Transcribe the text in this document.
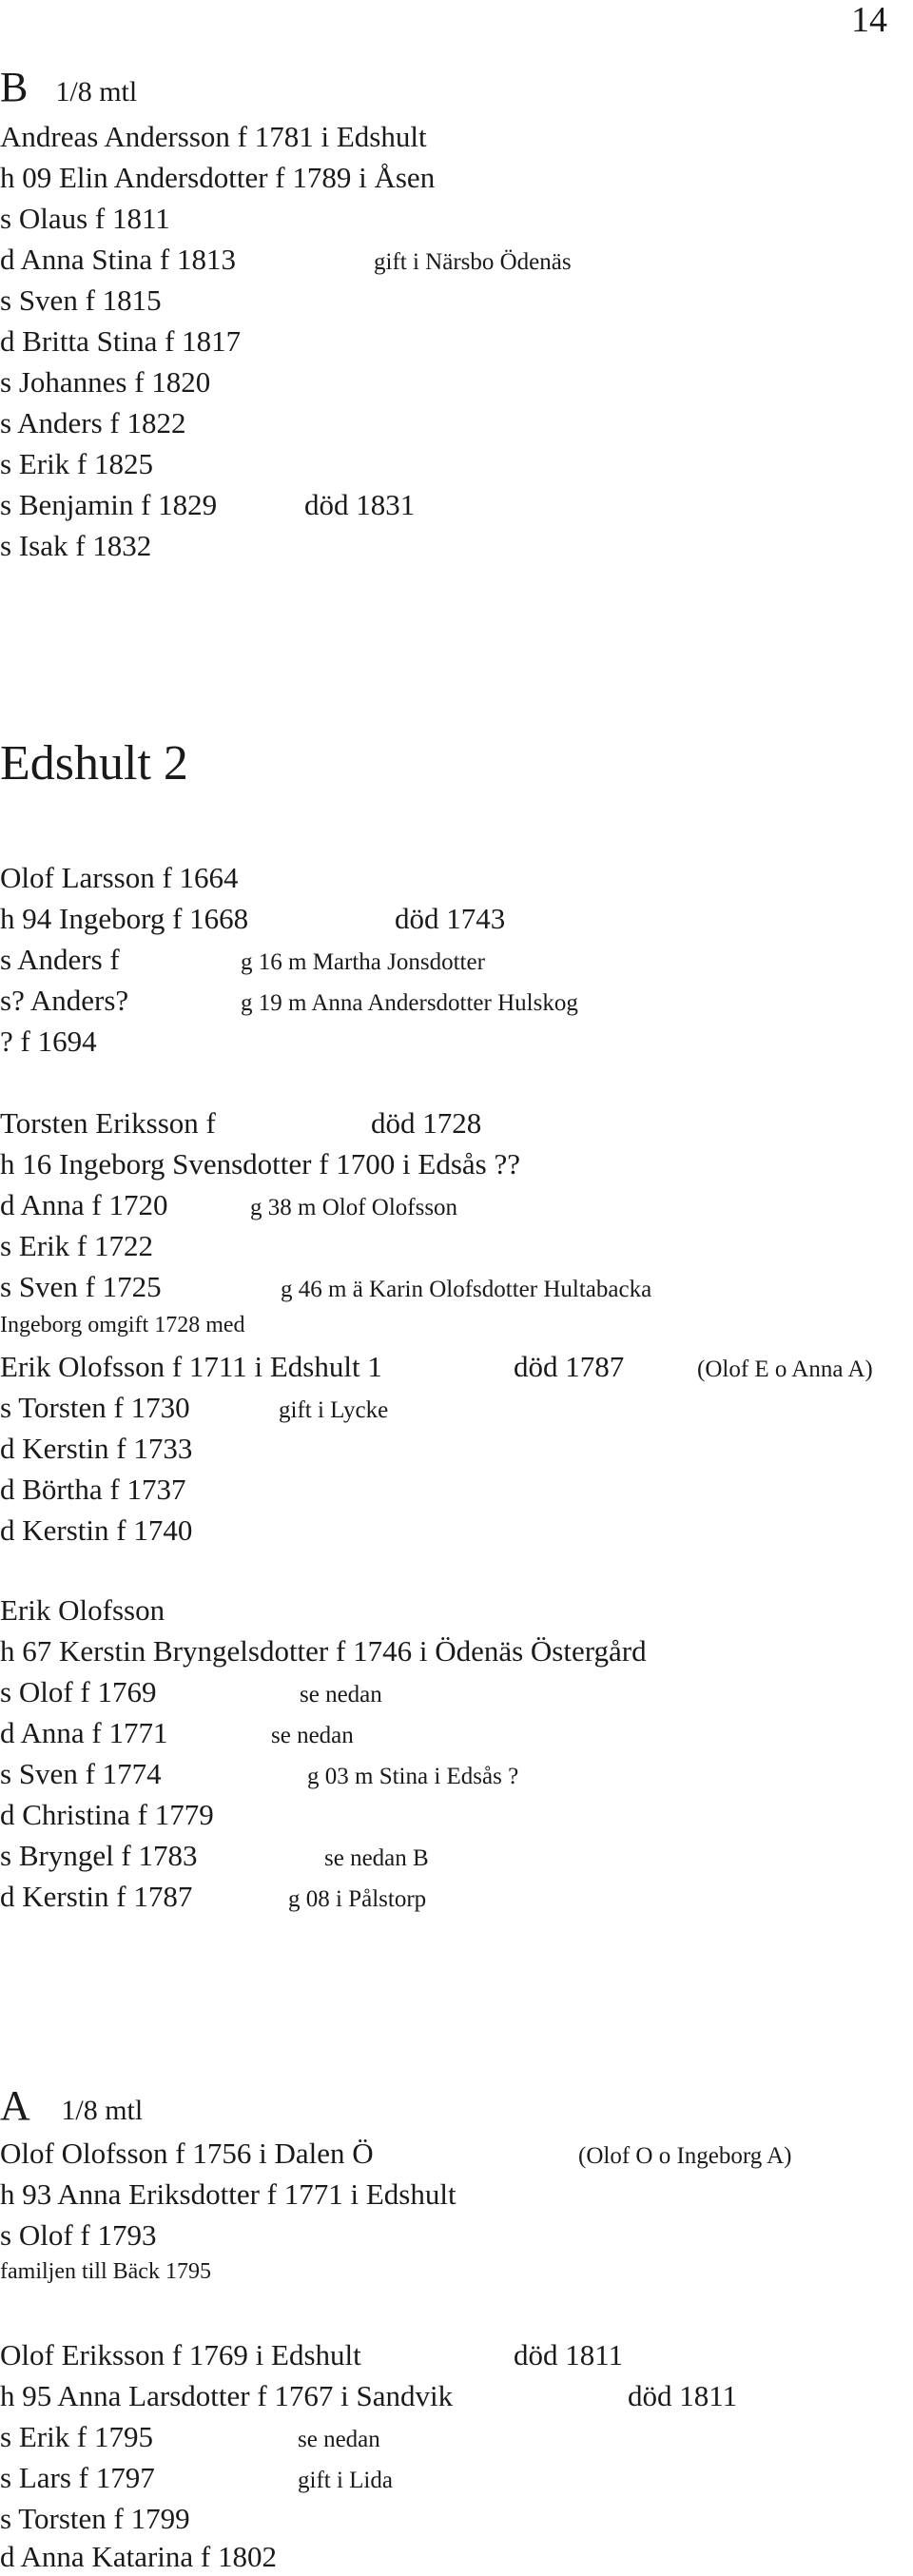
14
B 1/8 mtl
Andreas Andersson f 1781 i Edshult
h 09 Elin Andersdotter f 1789 i Åsen
s Olaus f 1811
d Anna Stina f 1813	gift i Närsbo Ödenäs
s Sven f 1815
d Britta Stina f 1817
s Johannes f 1820
s Anders f 1822
s Erik f 1825
s Benjamin f 1829	död 1831
s Isak f 1832
Edshult 2
Olof Larsson f 1664
h 94 Ingeborg f 1668	död 1743
s Anders f	g 16 m Martha Jonsdotter
s? Anders?	g 19 m Anna Andersdotter Hulskog
? f 1694
Torsten Eriksson f	död 1728
h 16 Ingeborg Svensdotter f 1700 i Edsås ??
d Anna f 1720	g 38 m Olof Olofsson
s Erik f 1722
s Sven f 1725	g 46 m ä Karin Olofsdotter Hultabacka
Ingeborg omgift 1728 med
Erik Olofsson f 1711 i Edshult 1	död 1787	(Olof E o Anna A)
s Torsten f 1730	gift i Lycke
d Kerstin f 1733
d Börtha f 1737
d Kerstin f 1740
Erik Olofsson
h 67 Kerstin Bryngelsdotter f 1746 i Ödenäs Östergård
s Olof f 1769	se nedan
d Anna f 1771	se nedan
s Sven f 1774	g 03 m Stina i Edsås ?
d Christina f 1779
s Bryngel f 1783	se nedan B
d Kerstin f 1787	g 08 i Pålstorp
A 1/8 mtl
Olof Olofsson f 1756 i Dalen Ö	(Olof O o Ingeborg A)
h 93 Anna Eriksdotter f 1771 i Edshult
s Olof f 1793
familjen till Bäck 1795
Olof Eriksson f 1769 i Edshult	död 1811
h 95 Anna Larsdotter f 1767 i Sandvik	död 1811
s Erik f 1795	se nedan
s Lars f 1797	gift i Lida
s Torsten f 1799
d Anna Katarina f 1802
